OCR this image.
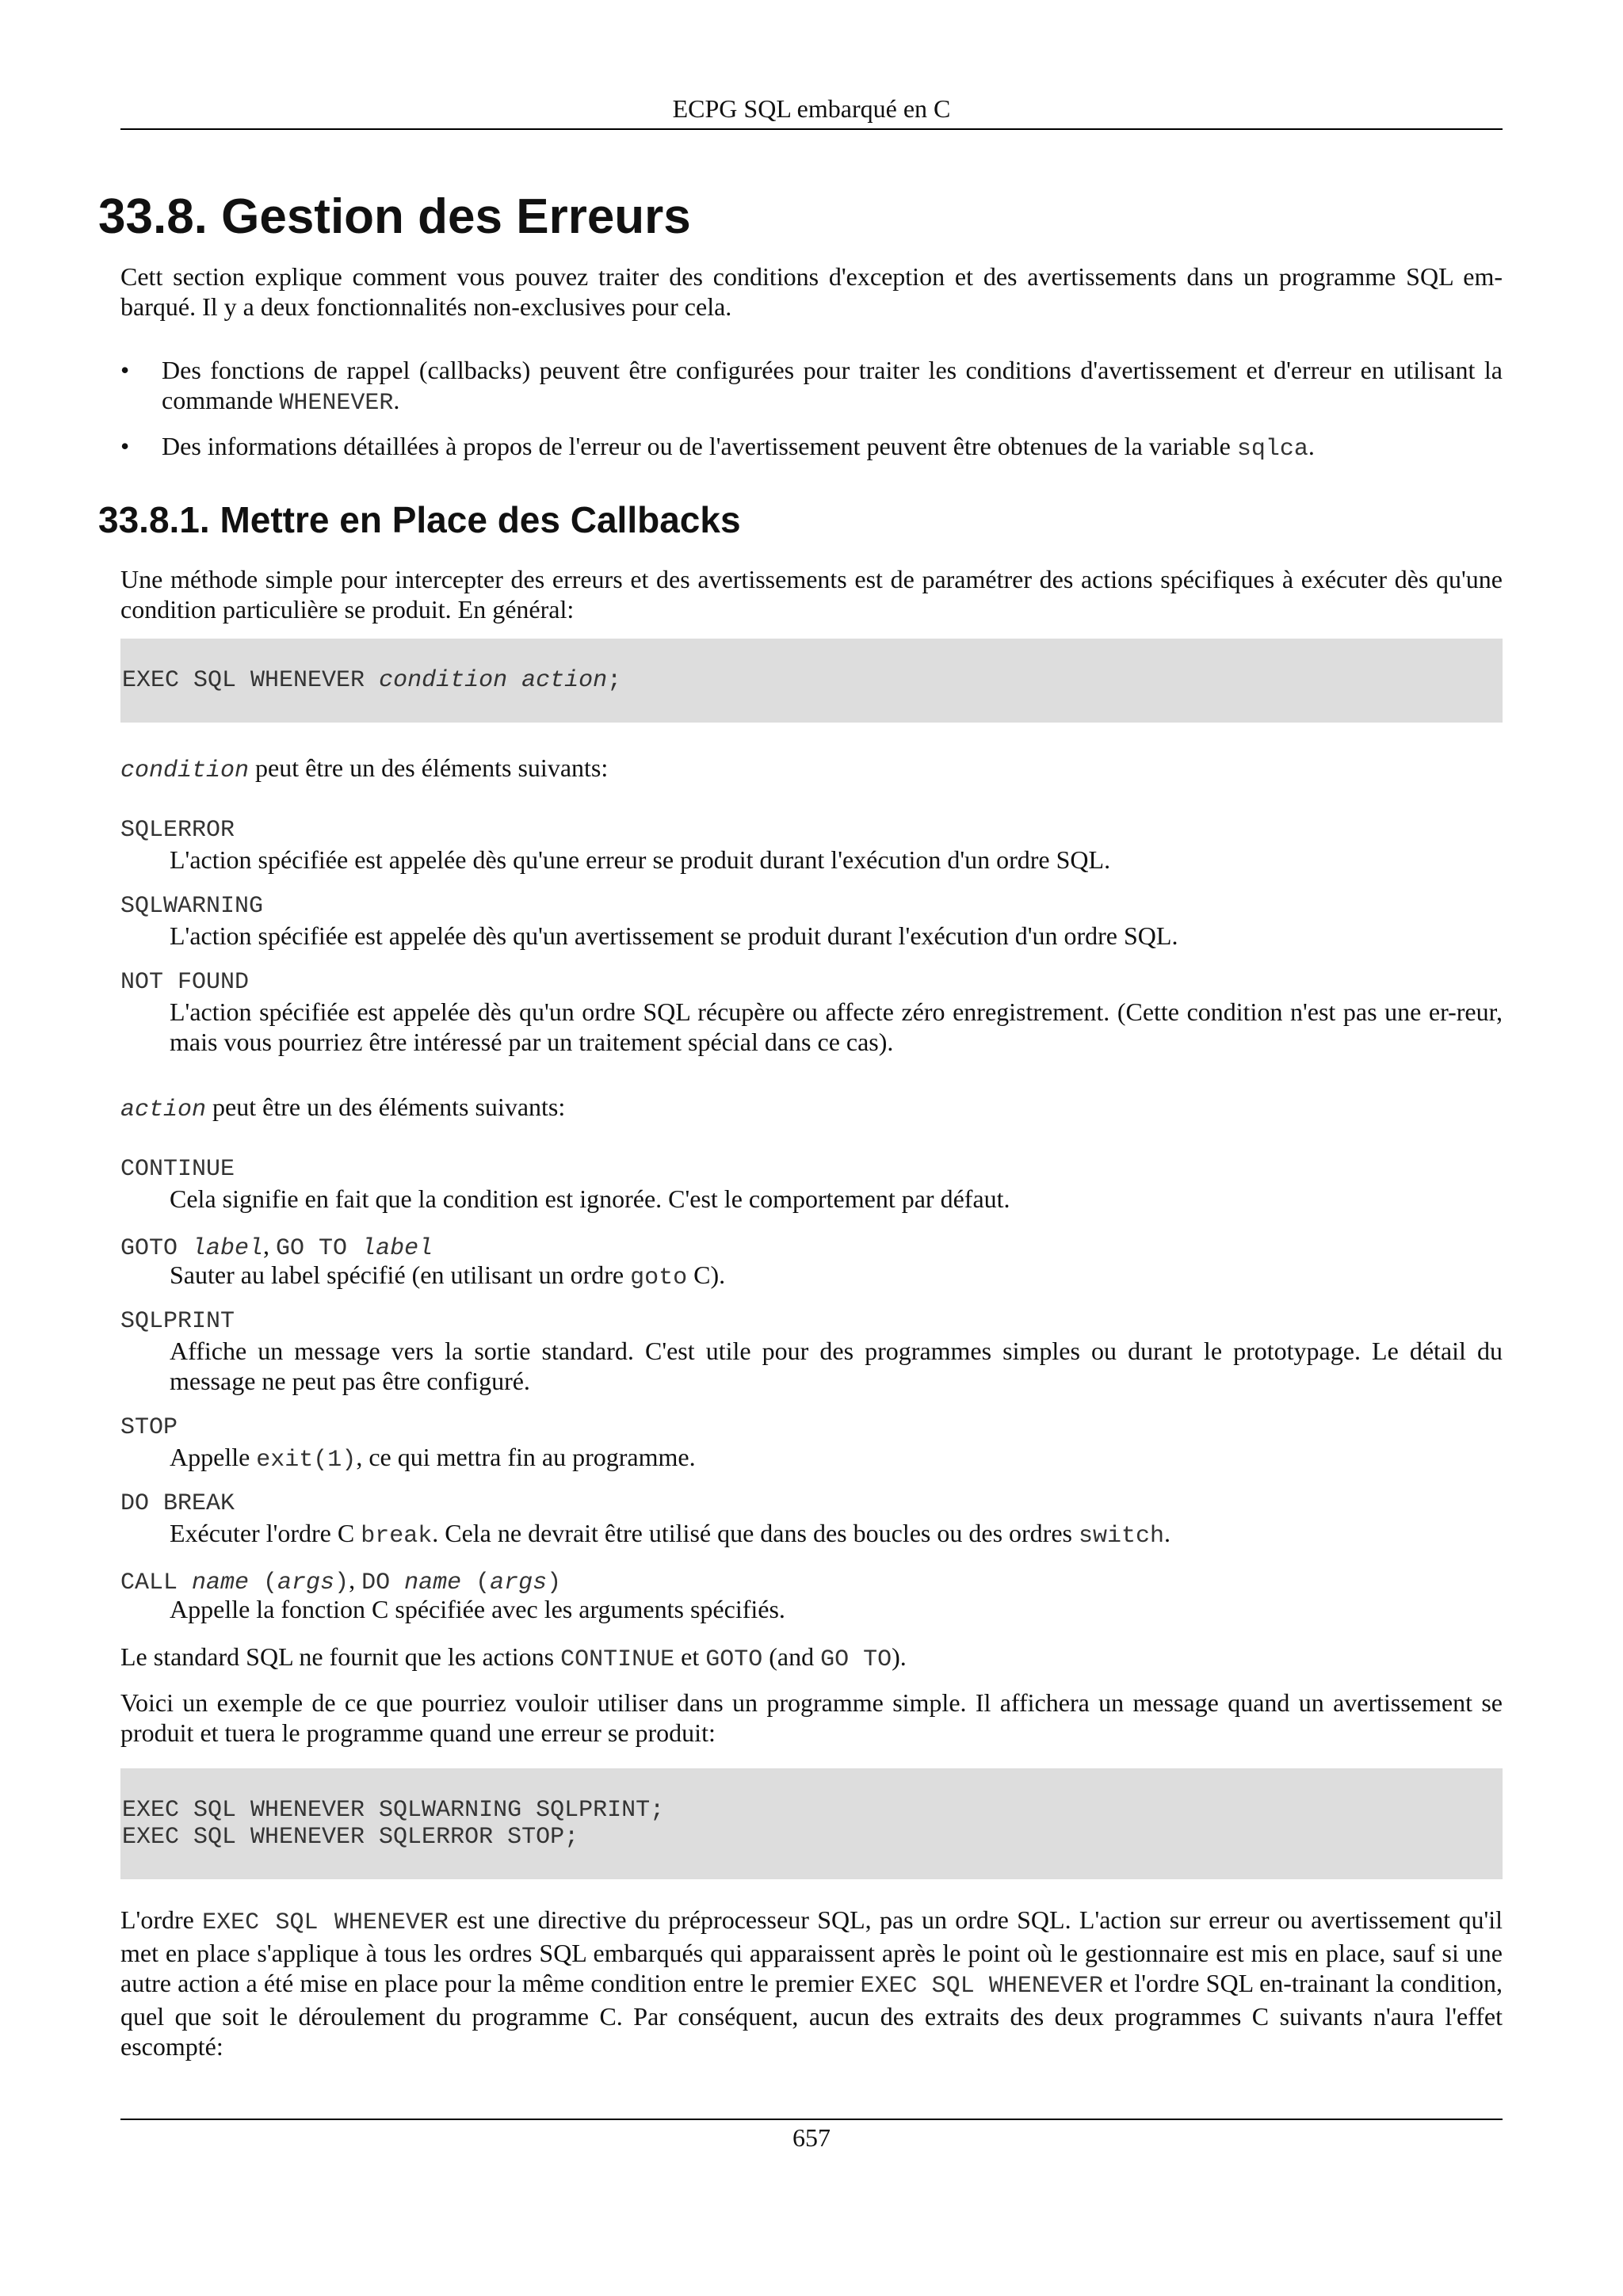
ECPG SQL embarqué en C
33.8. Gestion des Erreurs
Cett section explique comment vous pouvez traiter des conditions d'exception et des avertissements dans un programme SQL em-barqué. Il y a deux fonctionnalités non-exclusives pour cela.
• Des fonctions de rappel (callbacks) peuvent être configurées pour traiter les conditions d'avertissement et d'erreur en utilisant la commande WHENEVER.
• Des informations détaillées à propos de l'erreur ou de l'avertissement peuvent être obtenues de la variable sqlca.
33.8.1. Mettre en Place des Callbacks
Une méthode simple pour intercepter des erreurs et des avertissements est de paramétrer des actions spécifiques à exécuter dès qu'une condition particulière se produit. En général:
EXEC SQL WHENEVER condition action;
condition peut être un des éléments suivants:
SQLERROR
L'action spécifiée est appelée dès qu'une erreur se produit durant l'exécution d'un ordre SQL.
SQLWARNING
L'action spécifiée est appelée dès qu'un avertissement se produit durant l'exécution d'un ordre SQL.
NOT FOUND
L'action spécifiée est appelée dès qu'un ordre SQL récupère ou affecte zéro enregistrement. (Cette condition n'est pas une er-reur, mais vous pourriez être intéressé par un traitement spécial dans ce cas).
action peut être un des éléments suivants:
CONTINUE
Cela signifie en fait que la condition est ignorée. C'est le comportement par défaut.
GOTO label, GO TO label
Sauter au label spécifié (en utilisant un ordre goto C).
SQLPRINT
Affiche un message vers la sortie standard. C'est utile pour des programmes simples ou durant le prototypage. Le détail du message ne peut pas être configuré.
STOP
Appelle exit(1), ce qui mettra fin au programme.
DO BREAK
Exécuter l'ordre C break. Cela ne devrait être utilisé que dans des boucles ou des ordres switch.
CALL name (args), DO name (args)
Appelle la fonction C spécifiée avec les arguments spécifiés.
Le standard SQL ne fournit que les actions CONTINUE et GOTO (and GO TO).
Voici un exemple de ce que pourriez vouloir utiliser dans un programme simple. Il affichera un message quand un avertissement se produit et tuera le programme quand une erreur se produit:
EXEC SQL WHENEVER SQLWARNING SQLPRINT;
EXEC SQL WHENEVER SQLERROR STOP;
L'ordre EXEC SQL WHENEVER est une directive du préprocesseur SQL, pas un ordre SQL. L'action sur erreur ou avertissement qu'il met en place s'applique à tous les ordres SQL embarqués qui apparaissent après le point où le gestionnaire est mis en place, sauf si une autre action a été mise en place pour la même condition entre le premier EXEC SQL WHENEVER et l'ordre SQL en-trainant la condition, quel que soit le déroulement du programme C. Par conséquent, aucun des extraits des deux programmes C suivants n'aura l'effet escompté:
657
